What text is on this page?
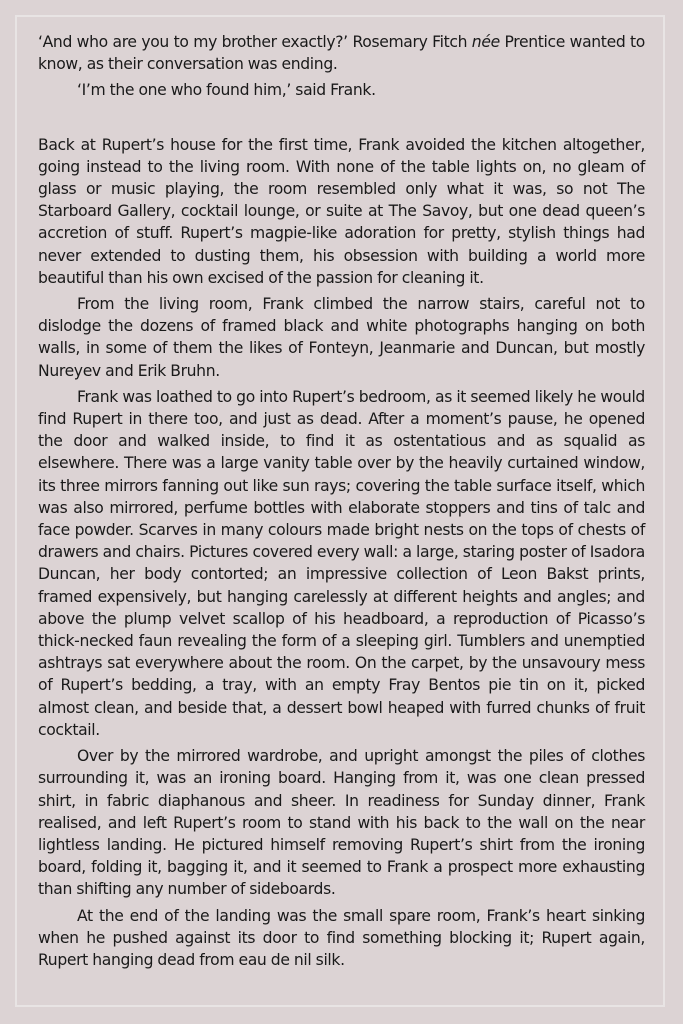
‘And who are you to my brother exactly?’ Rosemary Fitch née Prentice wanted to know, as their conversation was ending.

‘I’m the one who found him,’ said Frank.

Back at Rupert’s house for the first time, Frank avoided the kitchen altogether, going instead to the living room. With none of the table lights on, no gleam of glass or music playing, the room resembled only what it was, so not The Starboard Gallery, cocktail lounge, or suite at The Savoy, but one dead queen’s accretion of stuff. Rupert’s magpie-like adoration for pretty, stylish things had never extended to dusting them, his obsession with building a world more beautiful than his own excised of the passion for cleaning it.

From the living room, Frank climbed the narrow stairs, careful not to dislodge the dozens of framed black and white photographs hanging on both walls, in some of them the likes of Fonteyn, Jeanmarie and Duncan, but mostly Nureyev and Erik Bruhn.

Frank was loathed to go into Rupert’s bedroom, as it seemed likely he would find Rupert in there too, and just as dead. After a moment’s pause, he opened the door and walked inside, to find it as ostentatious and as squalid as elsewhere. There was a large vanity table over by the heavily curtained window, its three mirrors fanning out like sun rays; covering the table surface itself, which was also mirrored, perfume bottles with elaborate stoppers and tins of talc and face powder. Scarves in many colours made bright nests on the tops of chests of drawers and chairs. Pictures covered every wall: a large, staring poster of Isadora Duncan, her body contorted; an impressive collection of Leon Bakst prints, framed expensively, but hanging carelessly at different heights and angles; and above the plump velvet scallop of his headboard, a reproduction of Picasso’s thick-necked faun revealing the form of a sleeping girl. Tumblers and unemptied ashtrays sat everywhere about the room. On the carpet, by the unsavoury mess of Rupert’s bedding, a tray, with an empty Fray Bentos pie tin on it, picked almost clean, and beside that, a dessert bowl heaped with furred chunks of fruit cocktail.

Over by the mirrored wardrobe, and upright amongst the piles of clothes surrounding it, was an ironing board. Hanging from it, was one clean pressed shirt, in fabric diaphanous and sheer. In readiness for Sunday dinner, Frank realised, and left Rupert’s room to stand with his back to the wall on the near lightless landing. He pictured himself removing Rupert’s shirt from the ironing board, folding it, bagging it, and it seemed to Frank a prospect more exhausting than shifting any number of sideboards.

At the end of the landing was the small spare room, Frank’s heart sinking when he pushed against its door to find something blocking it; Rupert again, Rupert hanging dead from eau de nil silk.
